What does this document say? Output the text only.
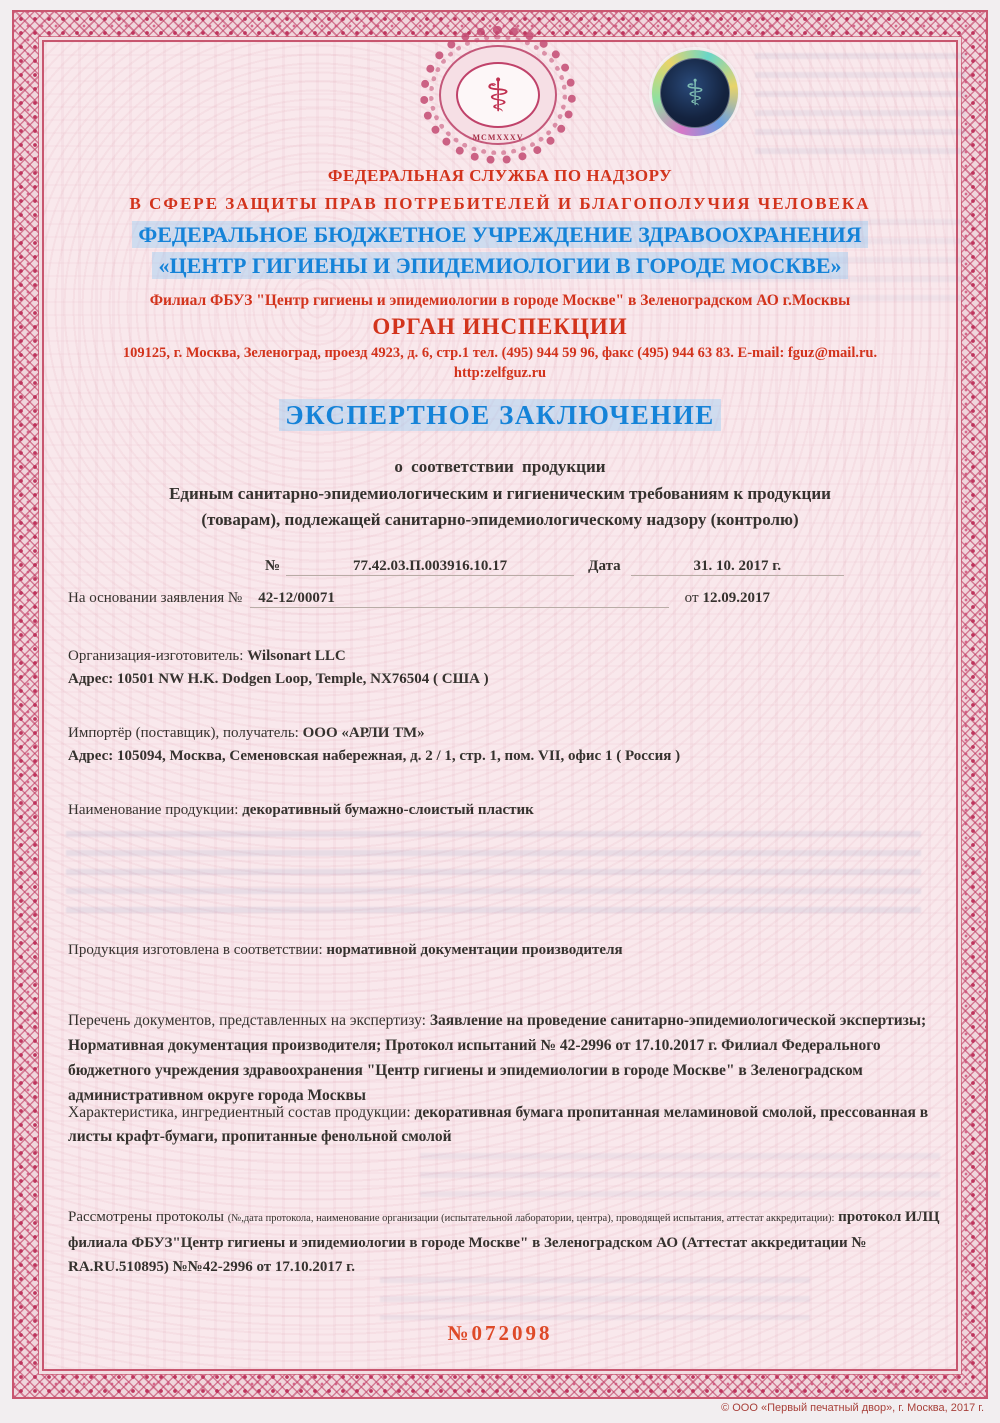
⚕
МСМХХХV
⚕
ФЕДЕРАЛЬНАЯ СЛУЖБА ПО НАДЗОРУ
В СФЕРЕ ЗАЩИТЫ ПРАВ ПОТРЕБИТЕЛЕЙ И БЛАГОПОЛУЧИЯ ЧЕЛОВЕКА
ФЕДЕРАЛЬНОЕ БЮДЖЕТНОЕ УЧРЕЖДЕНИЕ ЗДРАВООХРАНЕНИЯ
«ЦЕНТР ГИГИЕНЫ И ЭПИДЕМИОЛОГИИ В ГОРОДЕ МОСКВЕ»
Филиал ФБУЗ "Центр гигиены и эпидемиологии в городе Москве" в Зеленоградском АО г.Москвы
ОРГАН ИНСПЕКЦИИ
109125, г. Москва, Зеленоград, проезд 4923, д. 6, стр.1 тел. (495) 944 59 96, факс (495) 944 63 83. E-mail: fguz@mail.ru.
http:zelfguz.ru
ЭКСПЕРТНОЕ ЗАКЛЮЧЕНИЕ
о соответствии продукции
Единым санитарно-эпидемиологическим и гигиеническим требованиям к продукции
(товарам), подлежащей санитарно-эпидемиологическому надзору (контролю)
№	77.42.03.П.003916.10.17	Дата	31. 10. 2017 г.
На основании заявления №	42-12/00071	от 12.09.2017

Организация-изготовитель: Wilsonart LLC
Адрес: 10501 NW H.K. Dodgen Loop, Temple, NX76504 ( США )

Импортёр (поставщик), получатель: ООО «АРЛИ ТМ»
Адрес: 105094, Москва, Семеновская набережная, д. 2 / 1, стр. 1, пом. VII, офис 1 ( Россия )

Наименование продукции: декоративный бумажно-слоистый пластик

Продукция изготовлена в соответствии: нормативной документации производителя

Перечень документов, представленных на экспертизу: Заявление на проведение санитарно-эпидемиологической экспертизы; Нормативная документация производителя; Протокол испытаний № 42-2996 от 17.10.2017 г. Филиал Федерального бюджетного учреждения здравоохранения "Центр гигиены и эпидемиологии в городе Москве" в Зеленоградском административном округе города Москвы

Характеристика, ингредиентный состав продукции: декоративная бумага пропитанная меламиновой смолой, прессованная в листы крафт-бумаги, пропитанные фенольной смолой

Рассмотрены протоколы (№,дата протокола, наименование организации (испытательной лаборатории, центра), проводящей испытания, аттестат аккредитации): протокол ИЛЦ филиала ФБУЗ"Центр гигиены и эпидемиологии в городе Москве" в Зеленоградском АО (Аттестат аккредитации № RA.RU.510895) №№42-2996 от 17.10.2017 г.

№072098
© ООО «Первый печатный двор», г. Москва, 2017 г.
